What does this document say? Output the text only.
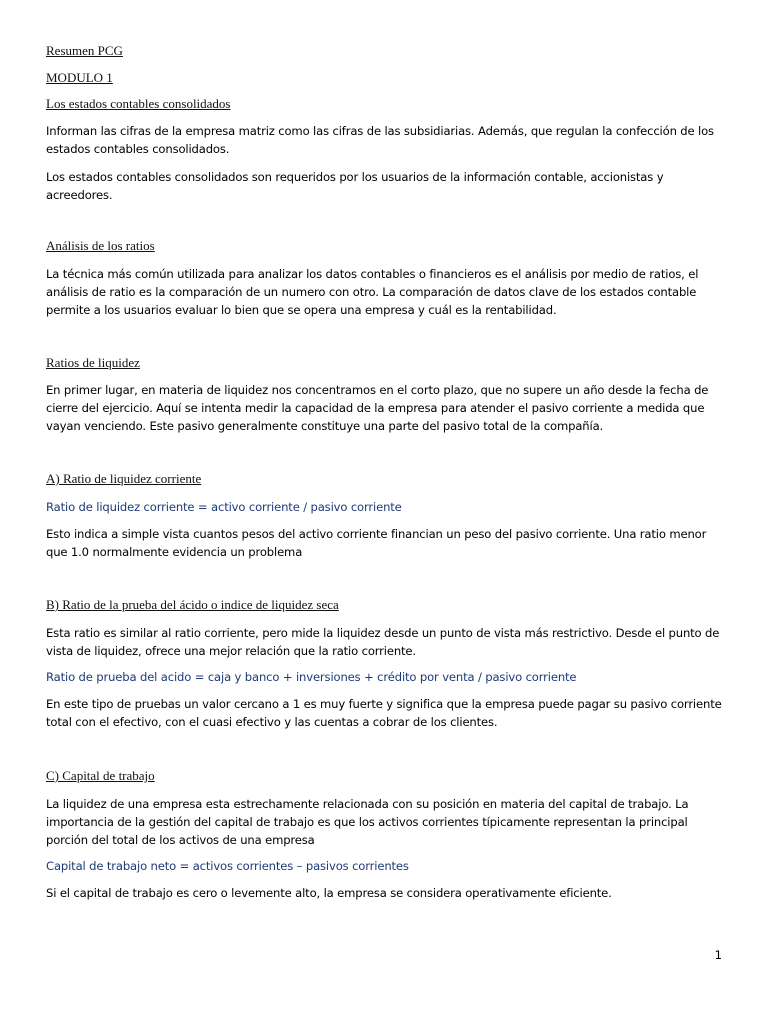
Resumen PCG
MODULO 1
Los estados contables consolidados
Informan las cifras de la empresa matriz como las cifras de las subsidiarias. Además, que regulan la confección de los estados contables consolidados.
Los estados contables consolidados son requeridos por los usuarios de la información contable, accionistas y acreedores.
Análisis de los ratios
La técnica más común utilizada para analizar los datos contables o financieros es el análisis por medio de ratios, el análisis de ratio es la comparación de un numero con otro. La comparación de datos clave de los estados contable permite a los usuarios evaluar lo bien que se opera una empresa y cuál es la rentabilidad.
Ratios de liquidez
En primer lugar, en materia de liquidez nos concentramos en el corto plazo, que no supere un año desde la fecha de cierre del ejercicio. Aquí se intenta medir la capacidad de la empresa para atender el pasivo corriente a medida que vayan venciendo. Este pasivo generalmente constituye una parte del pasivo total de la compañía.
A) Ratio de liquidez corriente
Ratio de liquidez corriente = activo corriente / pasivo corriente
Esto indica a simple vista cuantos pesos del activo corriente financian un peso del pasivo corriente. Una ratio menor que 1.0 normalmente evidencia un problema
B) Ratio de la prueba del ácido o indice de liquidez seca
Esta ratio es similar al ratio corriente, pero mide la liquidez desde un punto de vista más restrictivo. Desde el punto de vista de liquidez, ofrece una mejor relación que la ratio corriente.
Ratio de prueba del acido = caja y banco + inversiones + crédito por venta / pasivo corriente
En este tipo de pruebas un valor cercano a 1 es muy fuerte y significa que la empresa puede pagar su pasivo corriente total con el efectivo, con el cuasi efectivo y las cuentas a cobrar de los clientes.
C) Capital de trabajo
La liquidez de una empresa esta estrechamente relacionada con su posición en materia del capital de trabajo. La importancia de la gestión del capital de trabajo es que los activos corrientes típicamente representan la principal porción del total de los activos de una empresa
Capital de trabajo neto = activos corrientes – pasivos corrientes
Si el capital de trabajo es cero o levemente alto, la empresa se considera operativamente eficiente.
1
